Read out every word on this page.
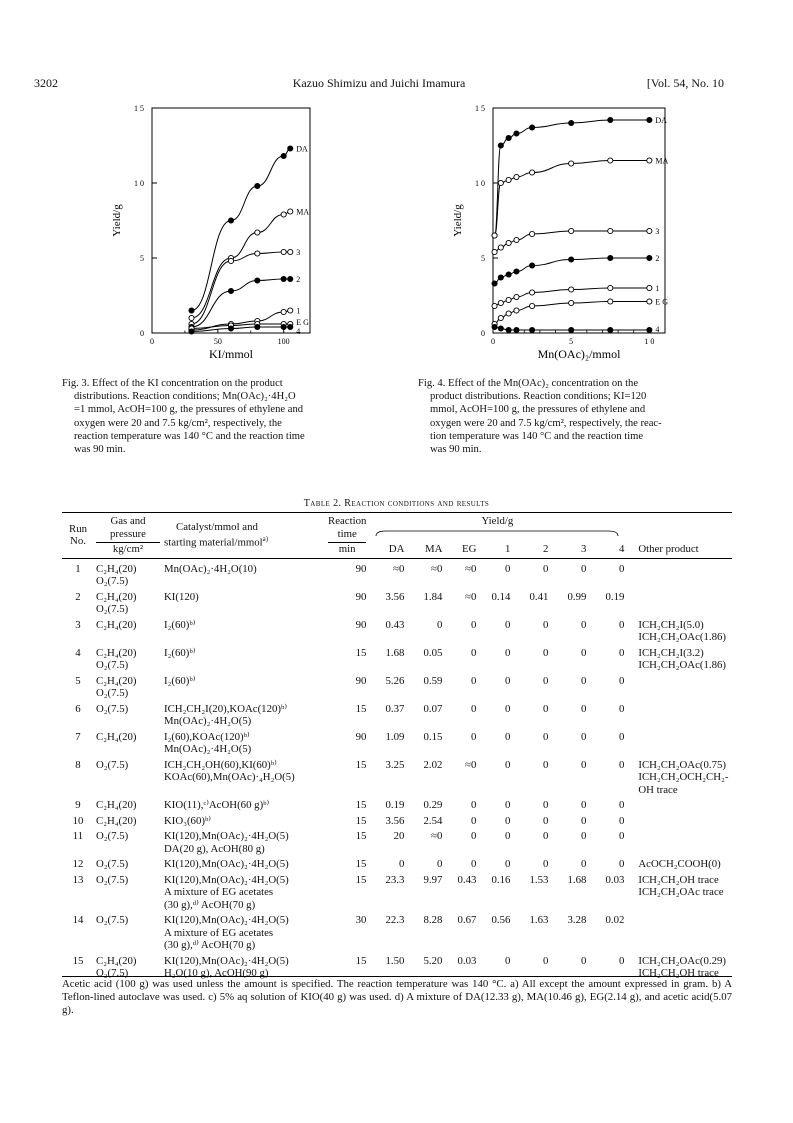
3202	Kazuo Shimizu and Juichi Imamura	[Vol. 54, No. 10
0
5
1 0
1 5
0	50	100
KI/mmol
Yield/g
DA
MA
3
2
1
E G
4
Fig. 3. Effect of the KI concentration on the product
distributions. Reaction conditions; Mn(OAc)₂·4H₂O
=1 mmol, AcOH=100 g, the pressures of ethylene and
oxygen were 20 and 7.5 kg/cm², respectively, the
reaction temperature was 140 °C and the reaction time
was 90 min.
0
5
1 0
1 5
0	5	1 0
Mn(OAc)₂/mmol
Yield/g
DA
MA
3
2
1
E G
4
Fig. 4. Effect of the Mn(OAc)₂ concentration on the
product distributions. Reaction conditions; KI=120
mmol, AcOH=100 g, the pressures of ethylene and
oxygen were 20 and 7.5 kg/cm², respectively, the reac-
tion temperature was 140 °C and the reaction time
was 90 min.
Table 2. Reaction conditions and results
Run
No.	Gas and
pressure
kg/cm²	Catalyst/mmol and
starting material/mmol$^{a)}$	Reaction
time
min	Yield/g							Other product
				DA	MA	EG	1	2	3	4	
1	C₂H₄(20)
O₂(7.5)	Mn(OAc)₂·4H₂O(10)	90	≈0	≈0	≈0	0	0	0	0	
2	C₂H₄(20)
O₂(7.5)	KI(120)	90	3.56	1.84	≈0	0.14	0.41	0.99	0.19	
3	C₂H₄(20)	I₂(60)ᵇ⁾	90	0.43	0	0	0	0	0	0	ICH₂CH₂I(5.0)
ICH₂CH₂OAc(1.86)

4	C₂H₄(20)
O₂(7.5)	I₂(60)ᵇ⁾	15	1.68	0.05	0	0	0	0	0	ICH₂CH₂I(3.2)
ICH₂CH₂OAc(1.86)

5	C₂H₄(20)
O₂(7.5)	I₂(60)ᵇ⁾	90	5.26	0.59	0	0	0	0	0	
6	O₂(7.5)	ICH₂CH₂I(20),KOAc(120)ᵇ⁾
Mn(OAc)₂·4H₂O(5)	15	0.37	0.07	0	0	0	0	0	
7	C₂H₄(20)	I₂(60),KOAc(120)ᵇ⁾
Mn(OAc)₂·4H₂O(5)	90	1.09	0.15	0	0	0	0	0	
8	O₂(7.5)	ICH₂CH₂OH(60),KI(60)ᵇ⁾
KOAc(60),Mn(OAc)·₄H₂O(5)	15	3.25	2.02	≈0	0	0	0	0	ICH₂CH₂OAc(0.75)
ICH₂CH₂OCH₂CH₂-
OH trace

9	C₂H₄(20)	KIO(11),ᶜ⁾AcOH(60 g)ᵇ⁾	15	0.19	0.29	0	0	0	0	0	
10	C₂H₄(20)	KIO₃(60)ᵇ⁾	15	3.56	2.54	0	0	0	0	0	
11	O₂(7.5)	KI(120),Mn(OAc)₂·4H₂O(5)
DA(20 g), AcOH(80 g)	15	20	≈0	0	0	0	0	0	
12	O₂(7.5)	KI(120),Mn(OAc)₂·4H₂O(5)	15	0	0	0	0	0	0	0	AcOCH₂COOH(0)

13	O₂(7.5)	KI(120),Mn(OAc)₂·4H₂O(5)
A mixture of EG acetates
(30 g),ᵈ⁾ AcOH(70 g)	15	23.3	9.97	0.43	0.16	1.53	1.68	0.03	ICH₂CH₂OH trace
ICH₂CH₂OAc trace

14	O₂(7.5)	KI(120),Mn(OAc)₂·4H₂O(5)
A mixture of EG acetates
(30 g),ᵈ⁾ AcOH(70 g)	30	22.3	8.28	0.67	0.56	1.63	3.28	0.02	
15	C₂H₄(20)
O₂(7.5)	KI(120),Mn(OAc)₂·4H₂O(5)
H₂O(10 g), AcOH(90 g)	15	1.50	5.20	0.03	0	0	0	0	ICH₂CH₂OAc(0.29)
ICH₂CH₂OH trace
Acetic acid (100 g) was used unless the amount is specified. The reaction temperature was 140 °C. a) All except the amount expressed in gram. b) A Teflon-lined autoclave was used. c) 5% aq solution of KIO(40 g) was used. d) A mixture of DA(12.33 g), MA(10.46 g), EG(2.14 g), and acetic acid(5.07 g).
